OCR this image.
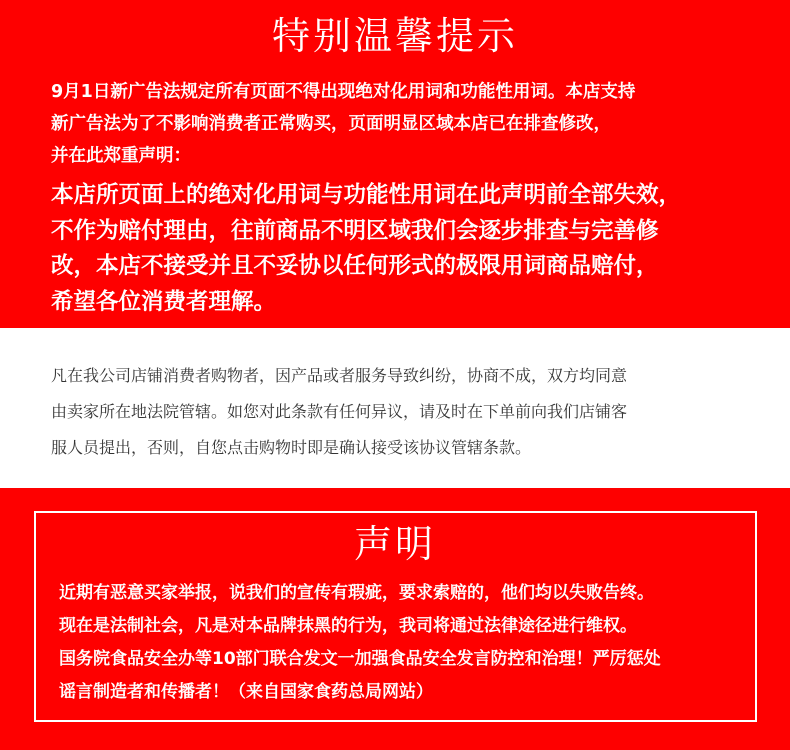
特别温馨提示
9月1日新广告法规定所有页面不得出现绝对化用词和功能性用词。本店支持
新广告法为了不影响消费者正常购买，页面明显区域本店已在排查修改，
并在此郑重声明：
本店所页面上的绝对化用词与功能性用词在此声明前全部失效，
不作为赔付理由，往前商品不明区域我们会逐步排查与完善修
改，本店不接受并且不妥协以任何形式的极限用词商品赔付，
希望各位消费者理解。
凡在我公司店铺消费者购物者，因产品或者服务导致纠纷，协商不成，双方均同意
由卖家所在地法院管辖。如您对此条款有任何异议，请及时在下单前向我们店铺客
服人员提出，否则，自您点击购物时即是确认接受该协议管辖条款。
声明
近期有恶意买家举报，说我们的宣传有瑕疵，要求索赔的，他们均以失败告终。
现在是法制社会，凡是对本品牌抹黑的行为，我司将通过法律途径进行维权。
国务院食品安全办等10部门联合发文一加强食品安全发言防控和治理！严厉惩处
谣言制造者和传播者！（来自国家食药总局网站）
